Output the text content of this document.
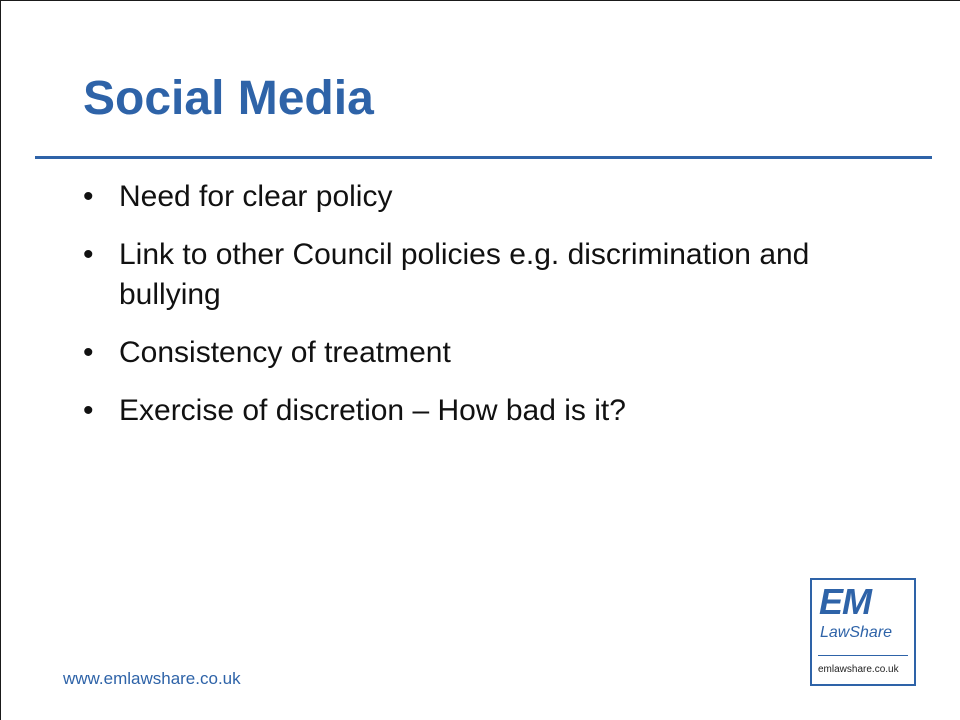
Social Media
• Need for clear policy
• Link to other Council policies e.g. discrimination and bullying
• Consistency of treatment
• Exercise of discretion – How bad is it?
www.emlawshare.co.uk
EM
LawShare
emlawshare.co.uk
